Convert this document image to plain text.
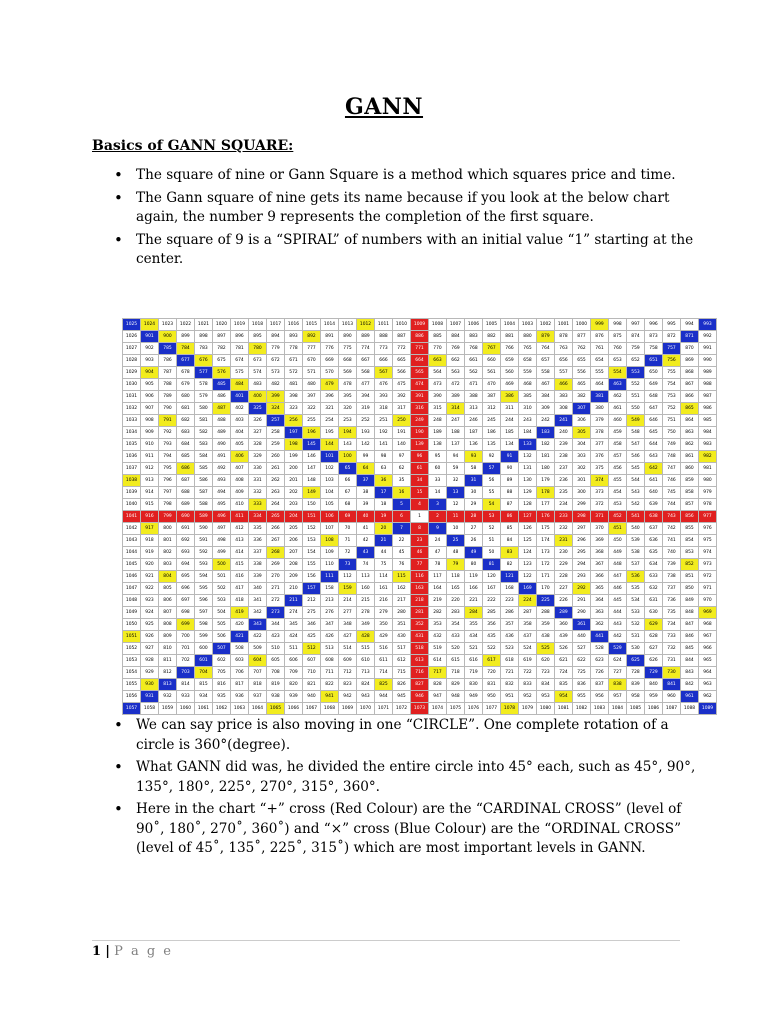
GANN
Basics of GANN SQUARE:
• The square of nine or Gann Square is a method which squares price and time.
• The Gann square of nine gets its name because if you look at the below chart again, the number 9 represents the completion of the first square.
• The square of 9 is a “SPIRAL” of numbers with an initial value “1” starting at the center.
1025	1024	1023	1022	1021	1020	1019	1018	1017	1016	1015	1014	1013	1012	1011	1010	1009	1008	1007	1006	1005	1004	1003	1002	1001	1000	999	998	997	996	995	994	993
1026	901	900	899	898	897	896	895	894	893	892	891	890	889	888	887	886	885	884	883	882	881	880	879	878	877	876	875	874	873	872	871	992
1027	902	785	784	783	782	781	780	779	778	777	776	775	774	773	772	771	770	769	768	767	766	765	764	763	762	761	760	759	758	757	870	991
1028	903	786	677	676	675	674	673	672	671	670	669	668	667	666	665	664	663	662	661	660	659	658	657	656	655	654	653	652	651	756	869	990
1029	904	787	678	577	576	575	574	573	572	571	570	569	568	567	566	565	564	563	562	561	560	559	558	557	556	555	554	553	650	755	868	989
1030	905	788	679	578	485	484	483	482	481	480	479	478	477	476	475	474	473	472	471	470	469	468	467	466	465	464	463	552	649	754	867	988
1031	906	789	680	579	486	401	400	399	398	397	396	395	394	393	392	391	390	389	388	387	386	385	384	383	382	381	462	551	648	753	866	987
1032	907	790	681	580	487	402	325	324	323	322	321	320	319	318	317	316	315	314	313	312	311	310	309	308	307	380	461	550	647	752	865	986
1033	908	791	682	581	488	403	326	257	256	255	254	253	252	251	250	249	248	247	246	245	244	243	242	241	306	379	460	549	646	751	864	985
1034	909	792	683	582	489	404	327	258	197	196	195	194	193	192	191	190	189	188	187	186	185	184	183	240	305	378	459	548	645	750	863	984
1035	910	793	684	583	490	405	328	259	198	145	144	143	142	141	140	139	138	137	136	135	134	133	182	239	304	377	458	547	644	749	862	983
1036	911	794	685	584	491	406	329	260	199	146	101	100	99	98	97	96	95	94	93	92	91	132	181	238	303	376	457	546	643	748	861	982
1037	912	795	686	585	492	407	330	261	200	147	102	65	64	63	62	61	60	59	58	57	90	131	180	237	302	375	456	545	642	747	860	981
1038	913	796	687	586	493	408	331	262	201	148	103	66	37	36	35	34	33	32	31	56	89	130	179	236	301	374	455	544	641	746	859	980
1039	914	797	688	587	494	409	332	263	202	149	104	67	38	17	16	15	14	13	30	55	88	129	178	235	300	373	454	543	640	745	858	979
1040	915	798	689	588	495	410	333	264	203	150	105	68	39	18	5	4	3	12	29	54	87	128	177	234	299	372	453	542	639	744	857	978
1041	916	799	690	589	496	411	334	265	204	151	106	69	40	19	6	1	2	11	28	53	86	127	176	233	298	371	452	541	638	743	856	977
1042	917	800	691	590	497	412	335	266	205	152	107	70	41	20	7	8	9	10	27	52	85	126	175	232	297	370	451	540	637	742	855	976
1043	918	801	692	591	498	413	336	267	206	153	108	71	42	21	22	23	24	25	26	51	84	125	174	231	296	369	450	539	636	741	854	975
1044	919	802	693	592	499	414	337	268	207	154	109	72	43	44	45	46	47	48	49	50	83	124	173	230	295	368	449	538	635	740	853	974
1045	920	803	694	593	500	415	338	269	208	155	110	73	74	75	76	77	78	79	80	81	82	123	172	229	294	367	448	537	634	739	852	973
1046	921	804	695	594	501	416	339	270	209	156	111	112	113	114	115	116	117	118	119	120	121	122	171	228	293	366	447	536	633	738	851	972
1047	922	805	696	595	502	417	340	271	210	157	158	159	160	161	162	163	164	165	166	167	168	169	170	227	292	365	446	535	632	737	850	971
1048	923	806	697	596	503	418	341	272	211	212	213	214	215	216	217	218	219	220	221	222	223	224	225	226	291	364	445	534	631	736	849	970
1049	924	807	698	597	504	419	342	273	274	275	276	277	278	279	280	281	282	283	284	285	286	287	288	289	290	363	444	533	630	735	848	969
1050	925	808	699	598	505	420	343	344	345	346	347	348	349	350	351	352	353	354	355	356	357	358	359	360	361	362	443	532	629	734	847	968
1051	926	809	700	599	506	421	422	423	424	425	426	427	428	429	430	431	432	433	434	435	436	437	438	439	440	441	442	531	628	733	846	967
1052	927	810	701	600	507	508	509	510	511	512	513	514	515	516	517	518	519	520	521	522	523	524	525	526	527	528	529	530	627	732	845	966
1053	928	811	702	601	602	603	604	605	606	607	608	609	610	611	612	613	614	615	616	617	618	619	620	621	622	623	624	625	626	731	844	965
1054	929	812	703	704	705	706	707	708	709	710	711	712	713	714	715	716	717	718	719	720	721	722	723	724	725	726	727	728	729	730	843	964
1055	930	813	814	815	816	817	818	819	820	821	822	823	824	825	826	827	828	829	830	831	832	833	834	835	836	837	838	839	840	841	842	963
1056	931	932	933	934	935	936	937	938	939	940	941	942	943	944	945	946	947	948	949	950	951	952	953	954	955	956	957	958	959	960	961	962
1057	1058	1059	1060	1061	1062	1063	1064	1065	1066	1067	1068	1069	1070	1071	1072	1073	1074	1075	1076	1077	1078	1079	1080	1081	1082	1083	1084	1085	1086	1087	1088	1089
• We can say price is also moving in one “CIRCLE”. One complete rotation of a circle is 360°(degree).
• What GANN did was, he divided the entire circle into 45° each, such as 45°, 90°, 135°, 180°, 225°, 270°, 315°, 360°.
• Here in the chart “+” cross (Red Colour) are the “CARDINAL CROSS” (level of 90˚, 180˚, 270˚, 360˚) and “×” cross (Blue Colour) are the “ORDINAL CROSS” (level of 45˚, 135˚, 225˚, 315˚) which are most important levels in GANN.
1 | P a g e
